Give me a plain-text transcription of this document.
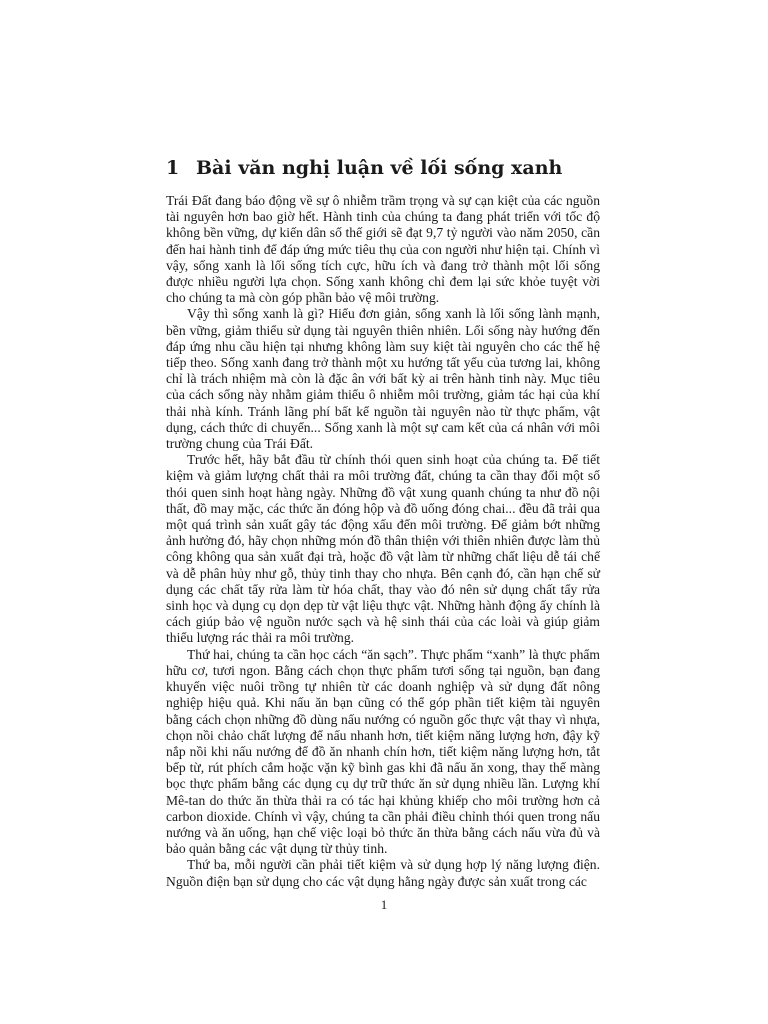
1 Bài văn nghị luận về lối sống xanh

Trái Đất đang báo động về sự ô nhiễm trầm trọng và sự cạn kiệt của các nguồn tài nguyên hơn bao giờ hết. Hành tinh của chúng ta đang phát triển với tốc độ không bền vững, dự kiến dân số thế giới sẽ đạt 9,7 tỷ người vào năm 2050, cần đến hai hành tinh để đáp ứng mức tiêu thụ của con người như hiện tại. Chính vì vậy, sống xanh là lối sống tích cực, hữu ích và đang trở thành một lối sống được nhiều người lựa chọn. Sống xanh không chỉ đem lại sức khỏe tuyệt vời cho chúng ta mà còn góp phần bảo vệ môi trường.

Vậy thì sống xanh là gì? Hiểu đơn giản, sống xanh là lối sống lành mạnh, bền vững, giảm thiểu sử dụng tài nguyên thiên nhiên. Lối sống này hướng đến đáp ứng nhu cầu hiện tại nhưng không làm suy kiệt tài nguyên cho các thế hệ tiếp theo. Sống xanh đang trở thành một xu hướng tất yếu của tương lai, không chỉ là trách nhiệm mà còn là đặc ân với bất kỳ ai trên hành tinh này. Mục tiêu của cách sống này nhằm giảm thiểu ô nhiễm môi trường, giảm tác hại của khí thải nhà kính. Tránh lãng phí bất kể nguồn tài nguyên nào từ thực phẩm, vật dụng, cách thức di chuyển... Sống xanh là một sự cam kết của cá nhân với môi trường chung của Trái Đất.

Trước hết, hãy bắt đầu từ chính thói quen sinh hoạt của chúng ta. Để tiết kiệm và giảm lượng chất thải ra môi trường đất, chúng ta cần thay đổi một số thói quen sinh hoạt hàng ngày. Những đồ vật xung quanh chúng ta như đồ nội thất, đồ may mặc, các thức ăn đóng hộp và đồ uống đóng chai... đều đã trải qua một quá trình sản xuất gây tác động xấu đến môi trường. Để giảm bớt những ảnh hưởng đó, hãy chọn những món đồ thân thiện với thiên nhiên được làm thủ công không qua sản xuất đại trà, hoặc đồ vật làm từ những chất liệu dễ tái chế và dễ phân hủy như gỗ, thủy tinh thay cho nhựa. Bên cạnh đó, cần hạn chế sử dụng các chất tẩy rửa làm từ hóa chất, thay vào đó nên sử dụng chất tẩy rửa sinh học và dụng cụ dọn dẹp từ vật liệu thực vật. Những hành động ấy chính là cách giúp bảo vệ nguồn nước sạch và hệ sinh thái của các loài và giúp giảm thiểu lượng rác thải ra môi trường.

Thứ hai, chúng ta cần học cách “ăn sạch”. Thực phẩm “xanh” là thực phẩm hữu cơ, tươi ngon. Bằng cách chọn thực phẩm tươi sống tại nguồn, bạn đang khuyến việc nuôi trồng tự nhiên từ các doanh nghiệp và sử dụng đất nông nghiệp hiệu quả. Khi nấu ăn bạn cũng có thể góp phần tiết kiệm tài nguyên bằng cách chọn những đồ dùng nấu nướng có nguồn gốc thực vật thay vì nhựa, chọn nồi chảo chất lượng để nấu nhanh hơn, tiết kiệm năng lượng hơn, đậy kỹ nắp nồi khi nấu nướng để đồ ăn nhanh chín hơn, tiết kiệm năng lượng hơn, tắt bếp từ, rút phích cắm hoặc vặn kỹ bình gas khi đã nấu ăn xong, thay thế màng bọc thực phẩm bằng các dụng cụ dự trữ thức ăn sử dụng nhiều lần. Lượng khí Mê-tan do thức ăn thừa thải ra có tác hại khủng khiếp cho môi trường hơn cả carbon dioxide. Chính vì vậy, chúng ta cần phải điều chỉnh thói quen trong nấu nướng và ăn uống, hạn chế việc loại bỏ thức ăn thừa bằng cách nấu vừa đủ và bảo quản bằng các vật dụng từ thủy tinh.

Thứ ba, mỗi người cần phải tiết kiệm và sử dụng hợp lý năng lượng điện. Nguồn điện bạn sử dụng cho các vật dụng hằng ngày được sản xuất trong các

1
